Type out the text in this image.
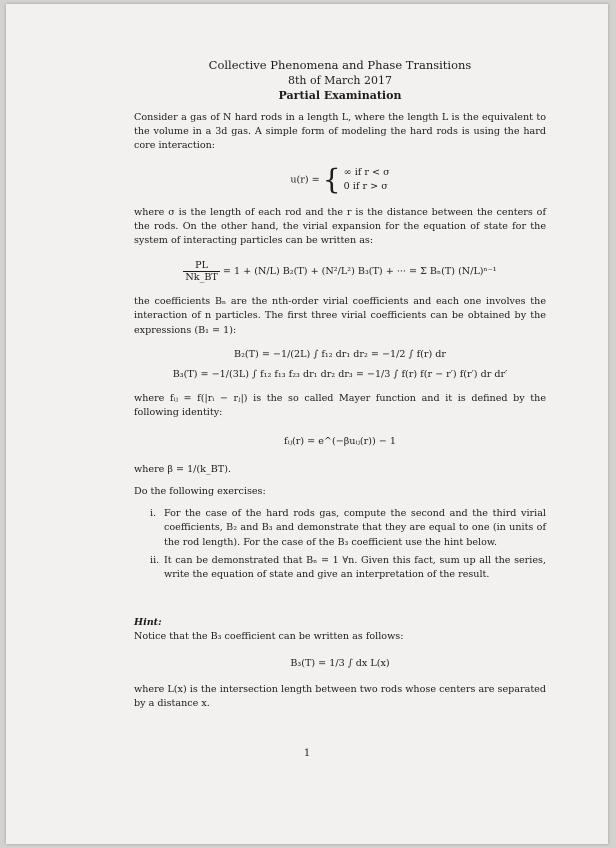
Collective Phenomena and Phase Transitions
8th of March 2017
Partial Examination

Consider a gas of N hard rods in a length L, where the length L is the equivalent to the volume in a 3d gas. A simple form of modeling the hard rods is using the hard core interaction:

u(r) = { ∞ if r < σ
0 if r > σ

where σ is the length of each rod and the r is the distance between the centers of the rods. On the other hand, the virial expansion for the equation of state for the system of interacting particles can be written as:

$\frac{PL}{Nk\_BT} = 1 + (N/L) B_2(T) + (N^2/L^2) B_3(T)$ + ··· = Σ Bₙ(T) (N/L)ⁿ⁻¹

the coefficients Bₙ are the nth-order virial coefficients and each one involves the interaction of n particles. The first three virial coefficients can be obtained by the expressions (B₁ = 1):

B₂(T) = −1/(2L) ∫ f₁₂ dr₁ dr₂ = −1/2 ∫ f(r) dr
B₃(T) = −1/(3L) ∫ f₁₂ f₁₃ f₂₃ dr₁ dr₂ dr₃ = −1/3 ∫ f(r) f(r − r′) f(r′) dr dr′

where fᵢⱼ = f(|rᵢ − rⱼ|) is the so called Mayer function and it is defined by the following identity:

fᵢⱼ(r) = e^(−βuᵢⱼ(r)) − 1

where β = 1/(k_BT).

Do the following exercises:

i. For the case of the hard rods gas, compute the second and the third virial coefficients, B₂ and B₃ and demonstrate that they are equal to one (in units of the rod length). For the case of the B₃ coefficient use the hint below.
ii. It can be demonstrated that Bₙ = 1 ∀n. Given this fact, sum up all the series, write the equation of state and give an interpretation of the result.
Hint:

Notice that the B₃ coefficient can be written as follows:

B₃(T) = 1/3 ∫ dx L(x)

where L(x) is the intersection length between two rods whose centers are separated by a distance x.

1
